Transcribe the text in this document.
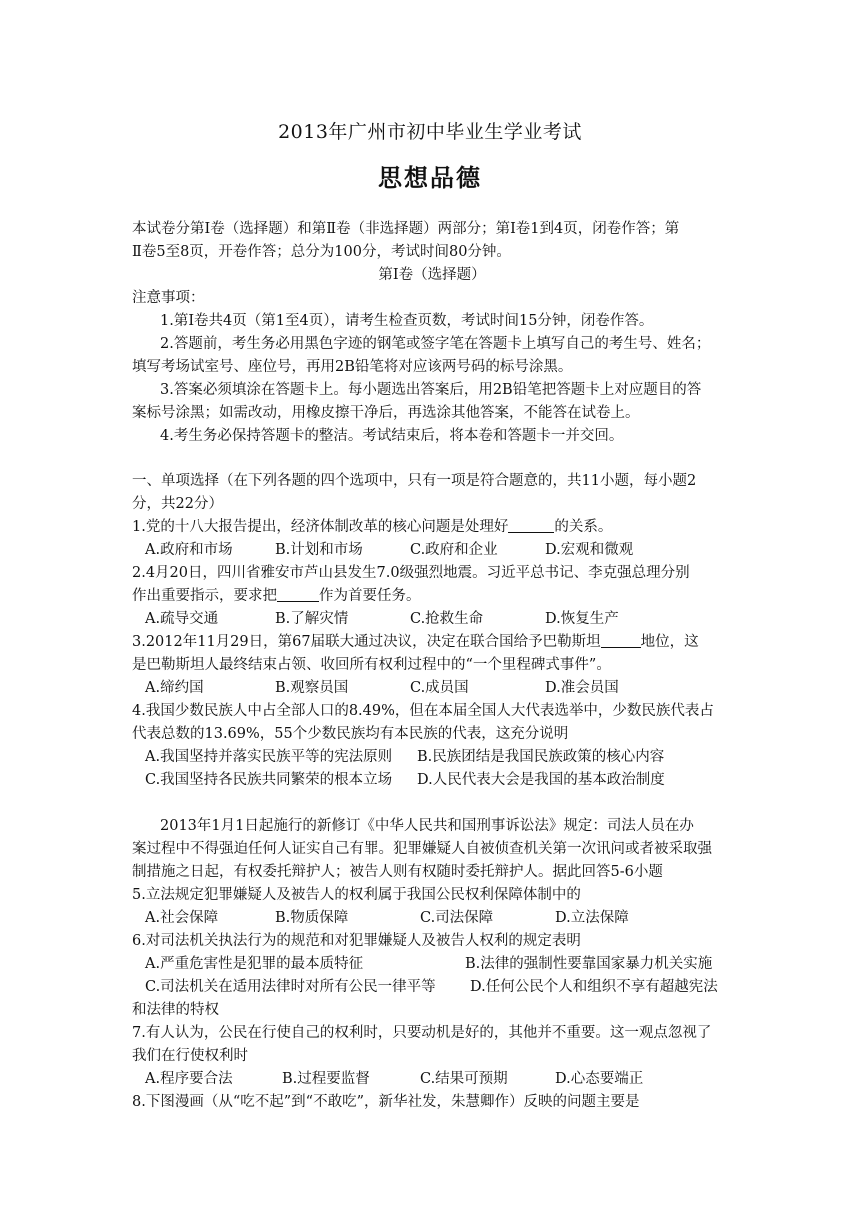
2013年广州市初中毕业生学业考试
思想品德
本试卷分第Ⅰ卷（选择题）和第Ⅱ卷（非选择题）两部分；第Ⅰ卷1到4页，闭卷作答；第
Ⅱ卷5至8页，开卷作答；总分为100分，考试时间80分钟。
第Ⅰ卷（选择题）
注意事项：
1.第Ⅰ卷共4页（第1至4页），请考生检查页数，考试时间15分钟，闭卷作答。
2.答题前，考生务必用黑色字迹的钢笔或签字笔在答题卡上填写自己的考生号、姓名；
填写考场试室号、座位号，再用2B铅笔将对应该两号码的标号涂黑。
3.答案必须填涂在答题卡上。每小题选出答案后，用2B铅笔把答题卡上对应题目的答
案标号涂黑；如需改动，用橡皮擦干净后，再选涂其他答案，不能答在试卷上。
4.考生务必保持答题卡的整洁。考试结束后，将本卷和答题卡一并交回。
一、单项选择（在下列各题的四个选项中，只有一项是符合题意的，共11小题，每小题2
分，共22分）
1.党的十八大报告提出，经济体制改革的核心问题是处理好	的关系。
A.政府和市场	B.计划和市场	C.政府和企业	D.宏观和微观
2.4月20日，四川省雅安市芦山县发生7.0级强烈地震。习近平总书记、李克强总理分别
作出重要指示，要求把	作为首要任务。
A.疏导交通	B.了解灾情	C.抢救生命	D.恢复生产
3.2012年11月29日，第67届联大通过决议，决定在联合国给予巴勒斯坦	地位，这
是巴勒斯坦人最终结束占领、收回所有权利过程中的“一个里程碑式事件”。
A.缔约国	B.观察员国	C.成员国	D.准会员国
4.我国少数民族人中占全部人口的8.49%，但在本届全国人大代表选举中，少数民族代表占
代表总数的13.69%，55个少数民族均有本民族的代表，这充分说明
A.我国坚持并落实民族平等的宪法原则 B.民族团结是我国民族政策的核心内容
C.我国坚持各民族共同繁荣的根本立场 D.人民代表大会是我国的基本政治制度
2013年1月1日起施行的新修订《中华人民共和国刑事诉讼法》规定：司法人员在办
案过程中不得强迫任何人证实自己有罪。犯罪嫌疑人自被侦查机关第一次讯问或者被采取强
制措施之日起，有权委托辩护人；被告人则有权随时委托辩护人。据此回答5-6小题
5.立法规定犯罪嫌疑人及被告人的权利属于我国公民权利保障体制中的
A.社会保障	B.物质保障	C.司法保障	D.立法保障
6.对司法机关执法行为的规范和对犯罪嫌疑人及被告人权利的规定表明
A.严重危害性是犯罪的最本质特征	B.法律的强制性要靠国家暴力机关实施
C.司法机关在适用法律时对所有公民一律平等 D.任何公民个人和组织不享有超越宪法
和法律的特权
7.有人认为，公民在行使自己的权利时，只要动机是好的，其他并不重要。这一观点忽视了
我们在行使权利时
A.程序要合法	B.过程要监督	C.结果可预期	D.心态要端正
8.下图漫画（从“吃不起”到“不敢吃”，新华社发，朱慧卿作）反映的问题主要是
